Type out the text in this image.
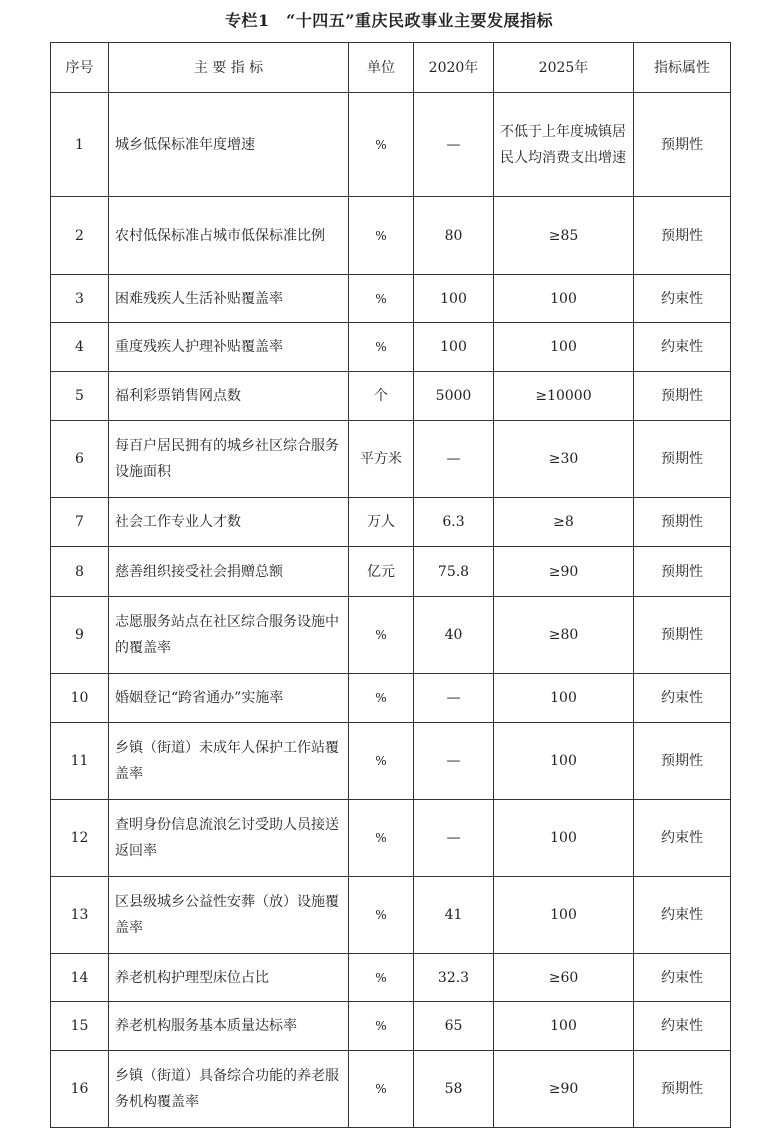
专栏1　“十四五”重庆民政事业主要发展指标
序号	主 要 指 标	单位	2020年	2025年	指标属性
1	城乡低保标准年度增速	%	—	不低于上年度城镇居民人均消费支出增速	预期性
2	农村低保标准占城市低保标准比例	%	80	≥85	预期性
3	困难残疾人生活补贴覆盖率	%	100	100	约束性
4	重度残疾人护理补贴覆盖率	%	100	100	约束性
5	福利彩票销售网点数	个	5000	≥10000	预期性
6	每百户居民拥有的城乡社区综合服务设施面积	平方米	—	≥30	预期性
7	社会工作专业人才数	万人	6.3	≥8	预期性
8	慈善组织接受社会捐赠总额	亿元	75.8	≥90	预期性
9	志愿服务站点在社区综合服务设施中的覆盖率	%	40	≥80	预期性
10	婚姻登记“跨省通办”实施率	%	—	100	约束性
11	乡镇（街道）未成年人保护工作站覆盖率	%	—	100	预期性
12	查明身份信息流浪乞讨受助人员接送返回率	%	—	100	约束性
13	区县级城乡公益性安葬（放）设施覆盖率	%	41	100	约束性
14	养老机构护理型床位占比	%	32.3	≥60	约束性
15	养老机构服务基本质量达标率	%	65	100	约束性
16	乡镇（街道）具备综合功能的养老服务机构覆盖率	%	58	≥90	预期性
